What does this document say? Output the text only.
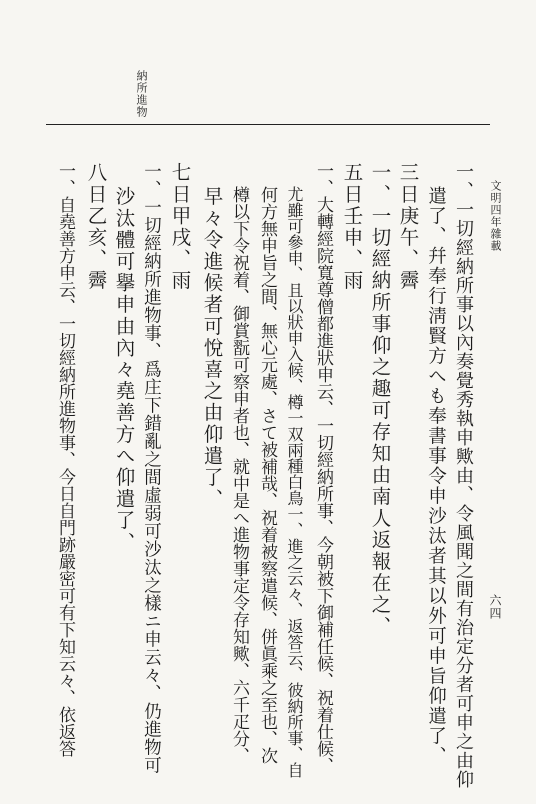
納所進物
文明四年雜載
六四
一、一切經納所事以內奏覺秀執申歟由、令風聞之間有治定分者可申之由仰
遣了、幷奉行淸賢方へも奉書事令申沙汰者其以外可申旨仰遣了、
三日庚午、霽
一、一切經納所事仰之趣可存知由南人返報在之、
五日壬申、雨
一、大轉經院寬尊僧都進狀申云、一切經納所事、今朝被下御補任候、祝着仕候、
尤雖可參申、且以狀申入候、樽一双兩種白鳥一、進之云々、返答云、彼納所事、自
何方無申旨之間、無心元處、さて被補哉、祝着被察遣候、併眞乘之至也、次
樽以下令祝着、御賞翫可察申者也、就中是へ進物事定令存知歟、六千疋分、
早々令進候者可悅喜之由仰遣了、
七日甲戌、雨
一、一切經納所進物事、爲庄下錯亂之間虛弱可沙汰之樣ニ申云々、仍進物可
沙汰體可擧申由內々堯善方へ仰遣了、
八日乙亥、霽
一、自堯善方申云、一切經納所進物事、今日自門跡嚴密可有下知云々、依返答
